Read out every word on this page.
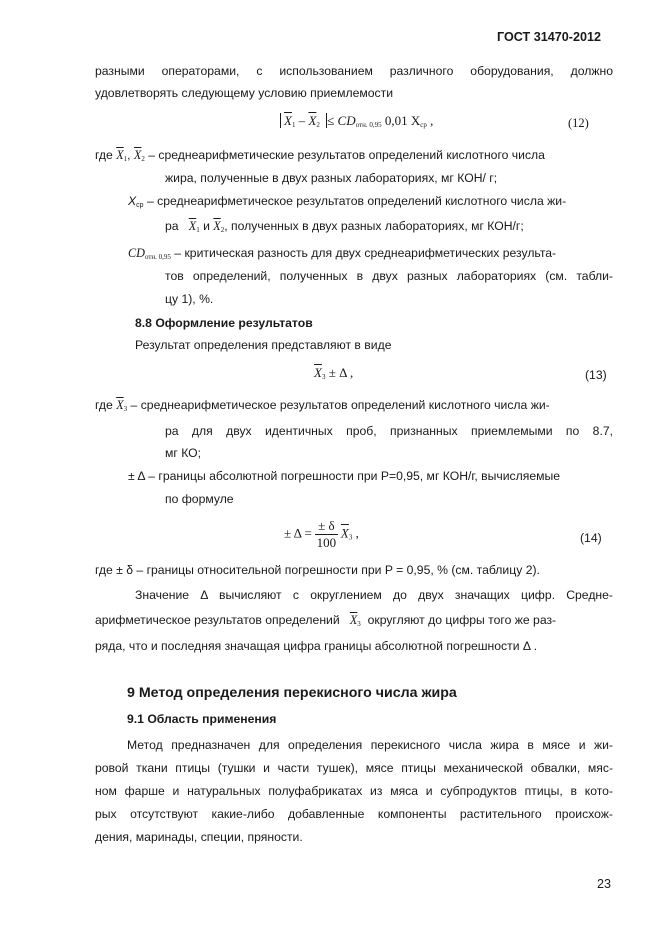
ГОСТ 31470-2012
разными операторами, с использованием различного оборудования, должно
удовлетворять следующему условию приемлемости
$\overline{X}_1 - \overline{X}_2 \le CD_{отн. 0,95}$ 0,01 $X_{ср}$ ,	(12)
где $\overline{X}_1$, $\overline{X}_2$ – среднеарифметические результатов определений кислотного числа
жира, полученные в двух разных лабораториях, мг КОН/ г;
$X_{ср}$ – среднеарифметическое результатов определений кислотного числа жи-
ра $\overline{X}_1$ и $\overline{X}_2$, полученных в двух разных лабораториях, мг КОН/г;
$CD_{отн. 0,95}$ – критическая разность для двух среднеарифметических результа-
тов определений, полученных в двух разных лабораториях (см. табли-
цу 1), %.
8.8 Оформление результатов
Результат определения представляют в виде
$\overline{X}_3 \pm \Delta$ ,	(13)
где $\overline{X}_3$ – среднеарифметическое результатов определений кислотного числа жи-
ра для двух идентичных проб, признанных приемлемыми по 8.7,
мг КО;
± Δ – границы абсолютной погрешности при P=0,95, мг КОН/г, вычисляемые
по формуле
± $\Delta = \frac{\pm \delta}{100} \overline{X}_3$ ,	(14)
где ± δ – границы относительной погрешности при P = 0,95, % (см. таблицу 2).
Значение Δ вычисляют с округлением до двух значащих цифр. Средне-
арифметическое результатов определений $\overline{X}_3$ округляют до цифры того же раз-
ряда, что и последняя значащая цифра границы абсолютной погрешности Δ .
9 Метод определения перекисного числа жира
9.1 Область применения
Метод предназначен для определения перекисного числа жира в мясе и жи-
ровой ткани птицы (тушки и части тушек), мясе птицы механической обвалки, мяс-
ном фарше и натуральных полуфабрикатах из мяса и субпродуктов птицы, в кото-
рых отсутствуют какие-либо добавленные компоненты растительного происхож-
дения, маринады, специи, пряности.
23
